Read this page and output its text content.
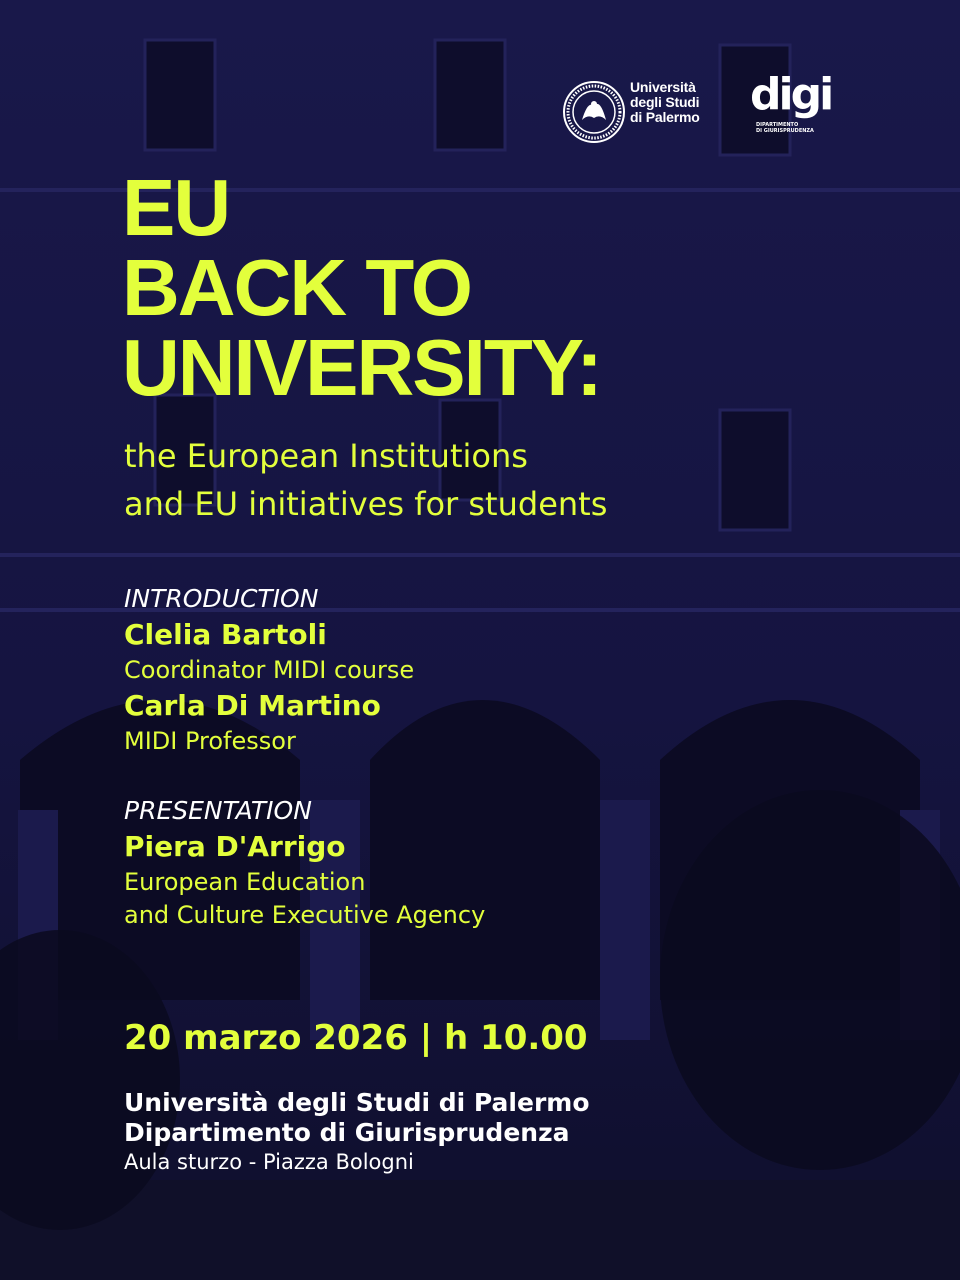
Università
degli Studi
di Palermo digi
DIPARTIMENTO
DI GIURISPRUDENZA
EU
BACK TO
UNIVERSITY:
the European Institutions
and EU initiatives for students
INTRODUCTION
Clelia Bartoli
Coordinator MIDI course
Carla Di Martino
MIDI Professor
PRESENTATION
Piera D'Arrigo
European Education
and Culture Executive Agency
20 marzo 2026 | h 10.00
Università degli Studi di Palermo
Dipartimento di Giurisprudenza
Aula sturzo - Piazza Bologni
